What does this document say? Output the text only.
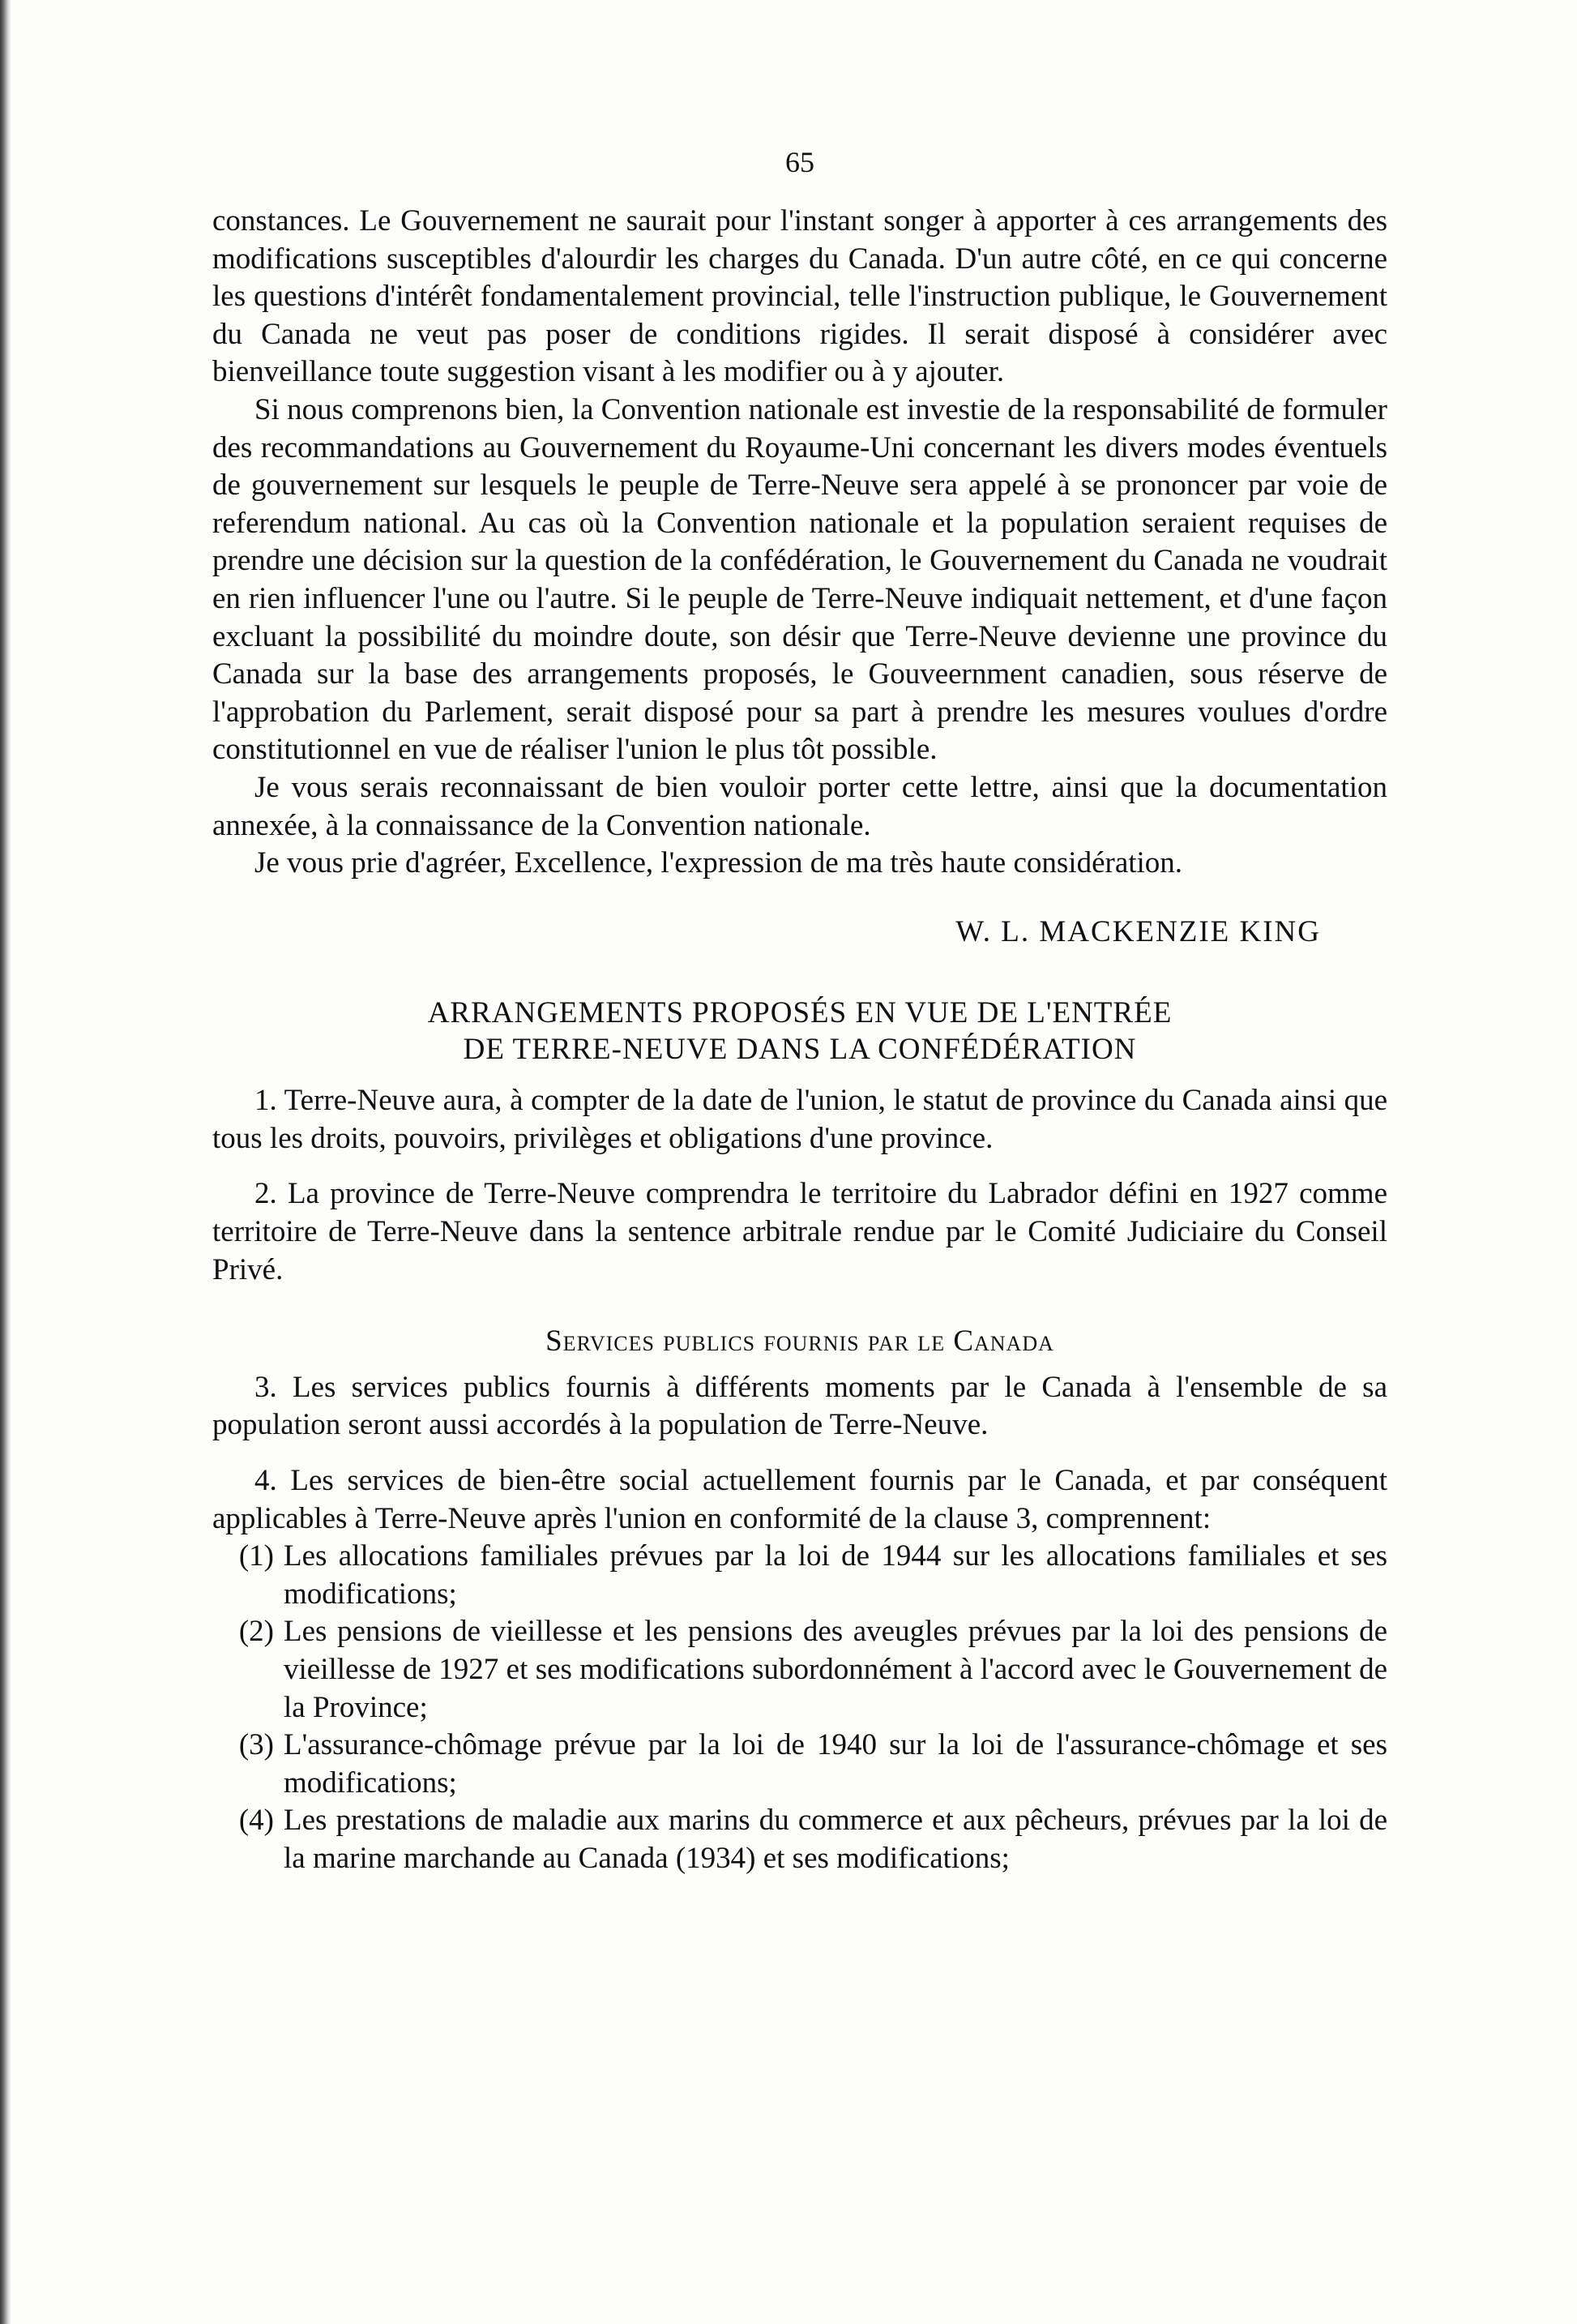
65

constances. Le Gouvernement ne saurait pour l'instant songer à apporter à ces arrangements des modifications susceptibles d'alourdir les charges du Canada. D'un autre côté, en ce qui concerne les questions d'intérêt fondamentalement provincial, telle l'instruction publique, le Gouvernement du Canada ne veut pas poser de conditions rigides. Il serait disposé à considérer avec bienveillance toute suggestion visant à les modifier ou à y ajouter.

Si nous comprenons bien, la Convention nationale est investie de la responsabilité de formuler des recommandations au Gouvernement du Royaume-Uni concernant les divers modes éventuels de gouvernement sur lesquels le peuple de Terre-Neuve sera appelé à se prononcer par voie de referendum national. Au cas où la Convention nationale et la population seraient requises de prendre une décision sur la question de la confédération, le Gouvernement du Canada ne voudrait en rien influencer l'une ou l'autre. Si le peuple de Terre-Neuve indiquait nettement, et d'une façon excluant la possibilité du moindre doute, son désir que Terre-Neuve devienne une province du Canada sur la base des arrangements proposés, le Gouveernment canadien, sous réserve de l'approbation du Parlement, serait disposé pour sa part à prendre les mesures voulues d'ordre constitutionnel en vue de réaliser l'union le plus tôt possible.

Je vous serais reconnaissant de bien vouloir porter cette lettre, ainsi que la documentation annexée, à la connaissance de la Convention nationale.

Je vous prie d'agréer, Excellence, l'expression de ma très haute considération.

W. L. MACKENZIE KING
ARRANGEMENTS PROPOSÉS EN VUE DE L'ENTRÉE
DE TERRE-NEUVE DANS LA CONFÉDÉRATION

1. Terre-Neuve aura, à compter de la date de l'union, le statut de province du Canada ainsi que tous les droits, pouvoirs, privilèges et obligations d'une province.

2. La province de Terre-Neuve comprendra le territoire du Labrador défini en 1927 comme territoire de Terre-Neuve dans la sentence arbitrale rendue par le Comité Judiciaire du Conseil Privé.

Services publics fournis par le Canada

3. Les services publics fournis à différents moments par le Canada à l'ensemble de sa population seront aussi accordés à la population de Terre-Neuve.

4. Les services de bien-être social actuellement fournis par le Canada, et par conséquent applicables à Terre-Neuve après l'union en conformité de la clause 3, comprennent:

(1) Les allocations familiales prévues par la loi de 1944 sur les allocations familiales et ses modifications;
(2) Les pensions de vieillesse et les pensions des aveugles prévues par la loi des pensions de vieillesse de 1927 et ses modifications subordonnément à l'accord avec le Gouvernement de la Province;
(3) L'assurance-chômage prévue par la loi de 1940 sur la loi de l'assurance-chômage et ses modifications;
(4) Les prestations de maladie aux marins du commerce et aux pêcheurs, prévues par la loi de la marine marchande au Canada (1934) et ses modifications;
